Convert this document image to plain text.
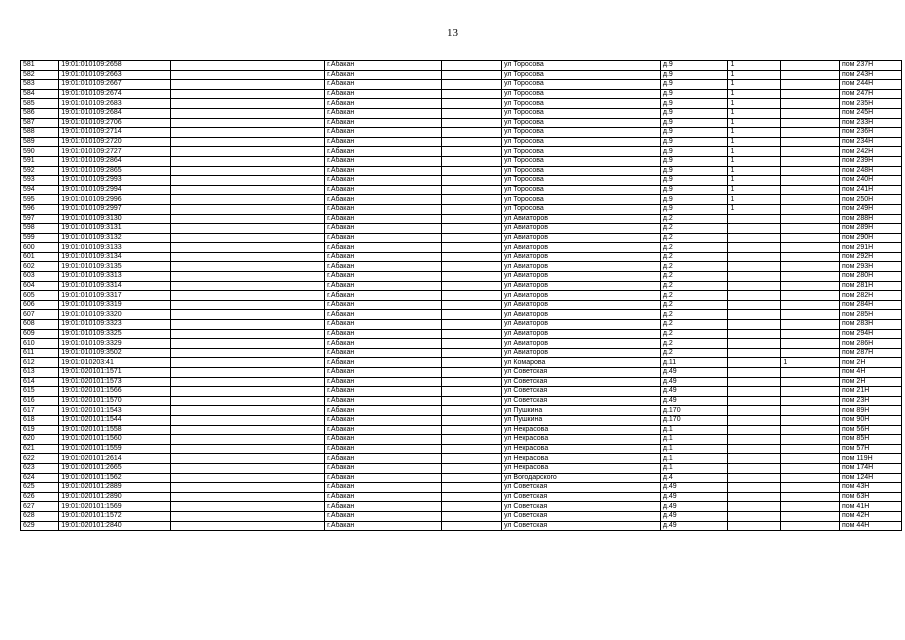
13
581	19:01:010109:2658		г.Абакан		ул Торосова	д.9	1		пом 237Н
582	19:01:010109:2663		г.Абакан		ул Торосова	д.9	1		пом 243Н
583	19:01:010109:2667		г.Абакан		ул Торосова	д.9	1		пом 244Н
584	19:01:010109:2674		г.Абакан		ул Торосова	д.9	1		пом 247Н
585	19:01:010109:2683		г.Абакан		ул Торосова	д.9	1		пом 235Н
586	19:01:010109:2684		г.Абакан		ул Торосова	д.9	1		пом 245Н
587	19:01:010109:2706		г.Абакан		ул Торосова	д.9	1		пом 233Н
588	19:01:010109:2714		г.Абакан		ул Торосова	д.9	1		пом 236Н
589	19:01:010109:2720		г.Абакан		ул Торосова	д.9	1		пом 234Н
590	19:01:010109:2727		г.Абакан		ул Торосова	д.9	1		пом 242Н
591	19:01:010109:2864		г.Абакан		ул Торосова	д.9	1		пом 239Н
592	19:01:010109:2865		г.Абакан		ул Торосова	д.9	1		пом 248Н
593	19:01:010109:2993		г.Абакан		ул Торосова	д.9	1		пом 240Н
594	19:01:010109:2994		г.Абакан		ул Торосова	д.9	1		пом 241Н
595	19:01:010109:2996		г.Абакан		ул Торосова	д.9	1		пом 250Н
596	19:01:010109:2997		г.Абакан		ул Торосова	д.9	1		пом 249Н
597	19:01:010109:3130		г.Абакан		ул Авиаторов	д.2			пом 288Н
598	19:01:010109:3131		г.Абакан		ул Авиаторов	д.2			пом 289Н
599	19:01:010109:3132		г.Абакан		ул Авиаторов	д.2			пом 290Н
600	19:01:010109:3133		г.Абакан		ул Авиаторов	д.2			пом 291Н
601	19:01:010109:3134		г.Абакан		ул Авиаторов	д.2			пом 292Н
602	19:01:010109:3135		г.Абакан		ул Авиаторов	д.2			пом 293Н
603	19:01:010109:3313		г.Абакан		ул Авиаторов	д.2			пом 280Н
604	19:01:010109:3314		г.Абакан		ул Авиаторов	д.2			пом 281Н
605	19:01:010109:3317		г.Абакан		ул Авиаторов	д.2			пом 282Н
606	19:01:010109:3319		г.Абакан		ул Авиаторов	д.2			пом 284Н
607	19:01:010109:3320		г.Абакан		ул Авиаторов	д.2			пом 285Н
608	19:01:010109:3323		г.Абакан		ул Авиаторов	д.2			пом 283Н
609	19:01:010109:3325		г.Абакан		ул Авиаторов	д.2			пом 294Н
610	19:01:010109:3329		г.Абакан		ул Авиаторов	д.2			пом 286Н
611	19:01:010109:3502		г.Абакан		ул Авиаторов	д.2			пом 287Н
612	19:01:010203:41		г.Абакан		ул Комарова	д.11		1	пом 2Н
613	19:01:020101:1571		г.Абакан		ул Советская	д.49			пом 4Н
614	19:01:020101:1573		г.Абакан		ул Советская	д.49			пом 2Н
615	19:01:020101:1566		г.Абакан		ул Советская	д.49			пом 21Н
616	19:01:020101:1570		г.Абакан		ул Советская	д.49			пом 23Н
617	19:01:020101:1543		г.Абакан		ул Пушкина	д.170			пом 89Н
618	19:01:020101:1544		г.Абакан		ул Пушкина	д.170			пом 90Н
619	19:01:020101:1558		г.Абакан		ул Некрасова	д.1			пом 56Н
620	19:01:020101:1560		г.Абакан		ул Некрасова	д.1			пом 85Н
621	19:01:020101:1559		г.Абакан		ул Некрасова	д.1			пом 57Н
622	19:01:020101:2614		г.Абакан		ул Некрасова	д.1			пом 119Н
623	19:01:020101:2665		г.Абакан		ул Некрасова	д.1			пом 174Н
624	19:01:020101:1562		г.Абакан		ул Вогодарского	д.4			пом 124Н
625	19:01:020101:2889		г.Абакан		ул Советская	д.49			пом 43Н
626	19:01:020101:2890		г.Абакан		ул Советская	д.49			пом 63Н
627	19:01:020101:1569		г.Абакан		ул Советская	д.49			пом 41Н
628	19:01:020101:1572		г.Абакан		ул Советская	д.49			пом 42Н
629	19:01:020101:2840		г.Абакан		ул Советская	д.49			пом 44Н
